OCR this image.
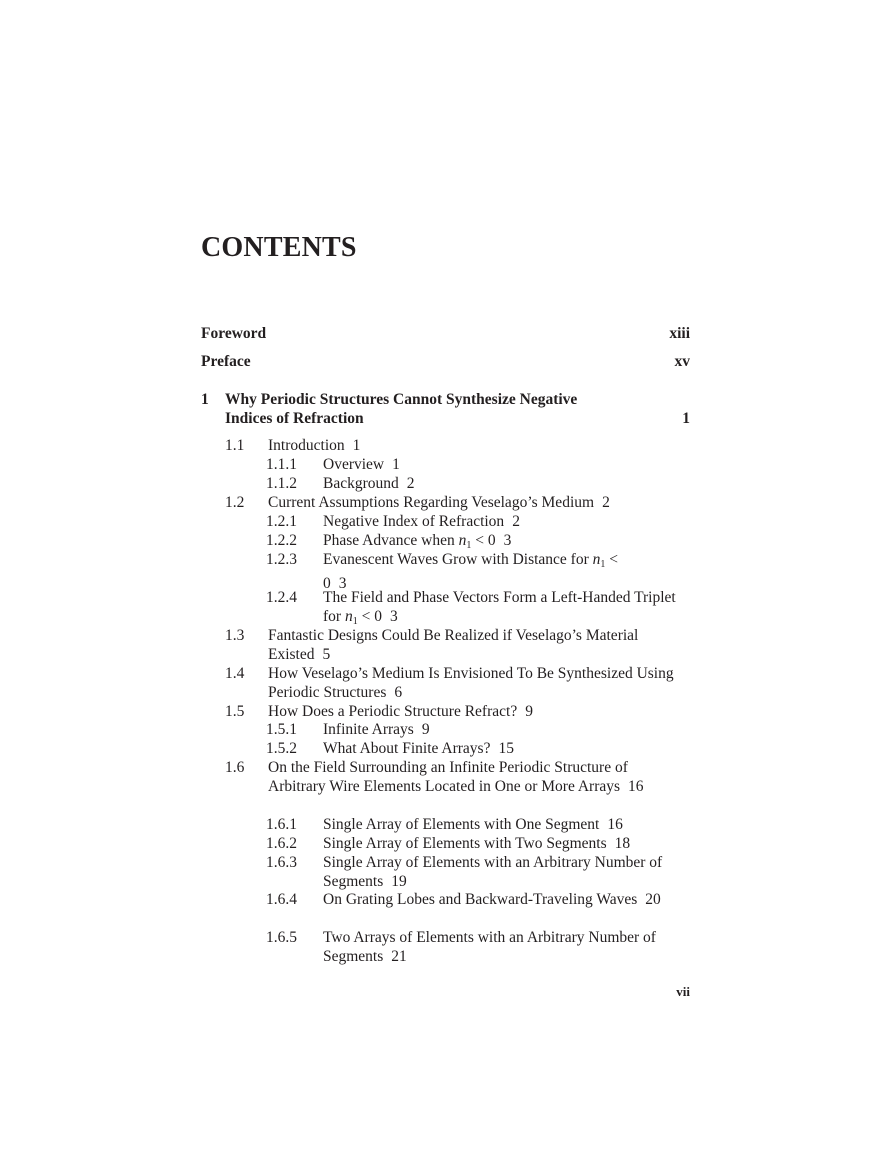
CONTENTS
Foreword	xiii
Preface	xv
1 Why Periodic Structures Cannot Synthesize Negative Indices of Refraction	1
1.1 Introduction 1
1.1.1 Overview 1
1.1.2 Background 2
1.2 Current Assumptions Regarding Veselago’s Medium 2
1.2.1 Negative Index of Refraction 2
1.2.2 Phase Advance when n1 < 0 3
1.2.3 Evanescent Waves Grow with Distance for n1 < 0 3
1.2.4 The Field and Phase Vectors Form a Left-Handed Triplet for n1 < 0 3
1.3 Fantastic Designs Could Be Realized if Veselago’s Material Existed 5
1.4 How Veselago’s Medium Is Envisioned To Be Synthesized Using Periodic Structures 6
1.5 How Does a Periodic Structure Refract? 9
1.5.1 Infinite Arrays 9
1.5.2 What About Finite Arrays? 15
1.6 On the Field Surrounding an Infinite Periodic Structure of Arbitrary Wire Elements Located in One or More Arrays 16
1.6.1 Single Array of Elements with One Segment 16
1.6.2 Single Array of Elements with Two Segments 18
1.6.3 Single Array of Elements with an Arbitrary Number of Segments 19
1.6.4 On Grating Lobes and Backward-Traveling Waves 20
1.6.5 Two Arrays of Elements with an Arbitrary Number of Segments 21
vii
